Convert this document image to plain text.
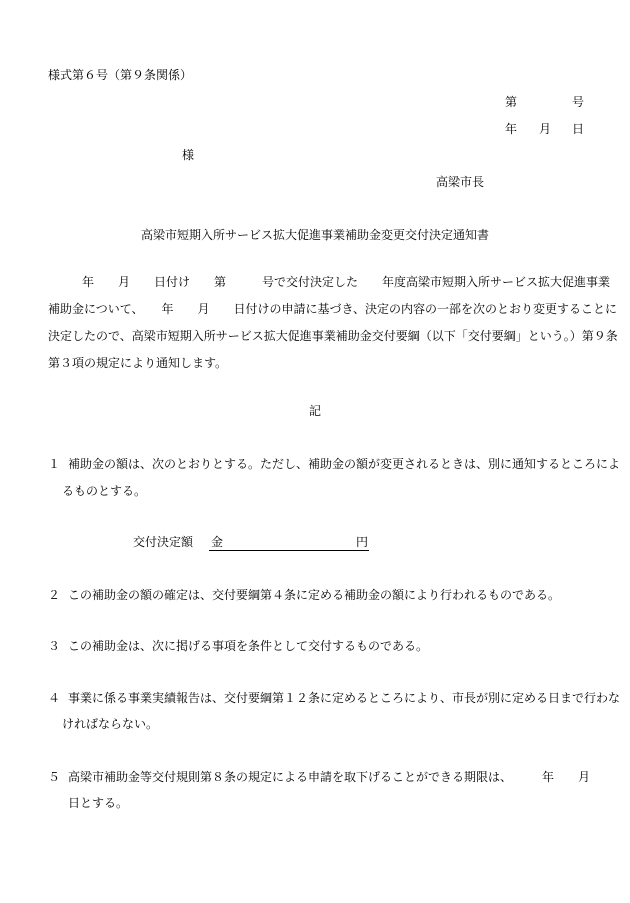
様式第６号（第９条関係）
第	号
年 月 日
様
高梁市長
高梁市短期入所サービス拡大促進事業補助金変更交付決定通知書
年　　月　　日付け　　第　　　号で交付決定した　　年度高梁市短期入所サービス拡大促進事業
補助金について、　　年　　月　　日付けの申請に基づき、決定の内容の一部を次のとおり変更することに
決定したので、高梁市短期入所サービス拡大促進事業補助金交付要綱（以下「交付要綱」という。）第９条
第３項の規定により通知します。
記
１ 補助金の額は、次のとおりとする。ただし、補助金の額が変更されるときは、別に通知するところによ
るものとする。
交付決定額 金	円
２ この補助金の額の確定は、交付要綱第４条に定める補助金の額により行われるものである。
３ この補助金は、次に掲げる事項を条件として交付するものである。
４ 事業に係る事業実績報告は、交付要綱第１２条に定めるところにより、市長が別に定める日まで行わな
ければならない。
５ 高梁市補助金等交付規則第８条の規定による申請を取下げることができる期限は、　　　年　　月
日とする。
